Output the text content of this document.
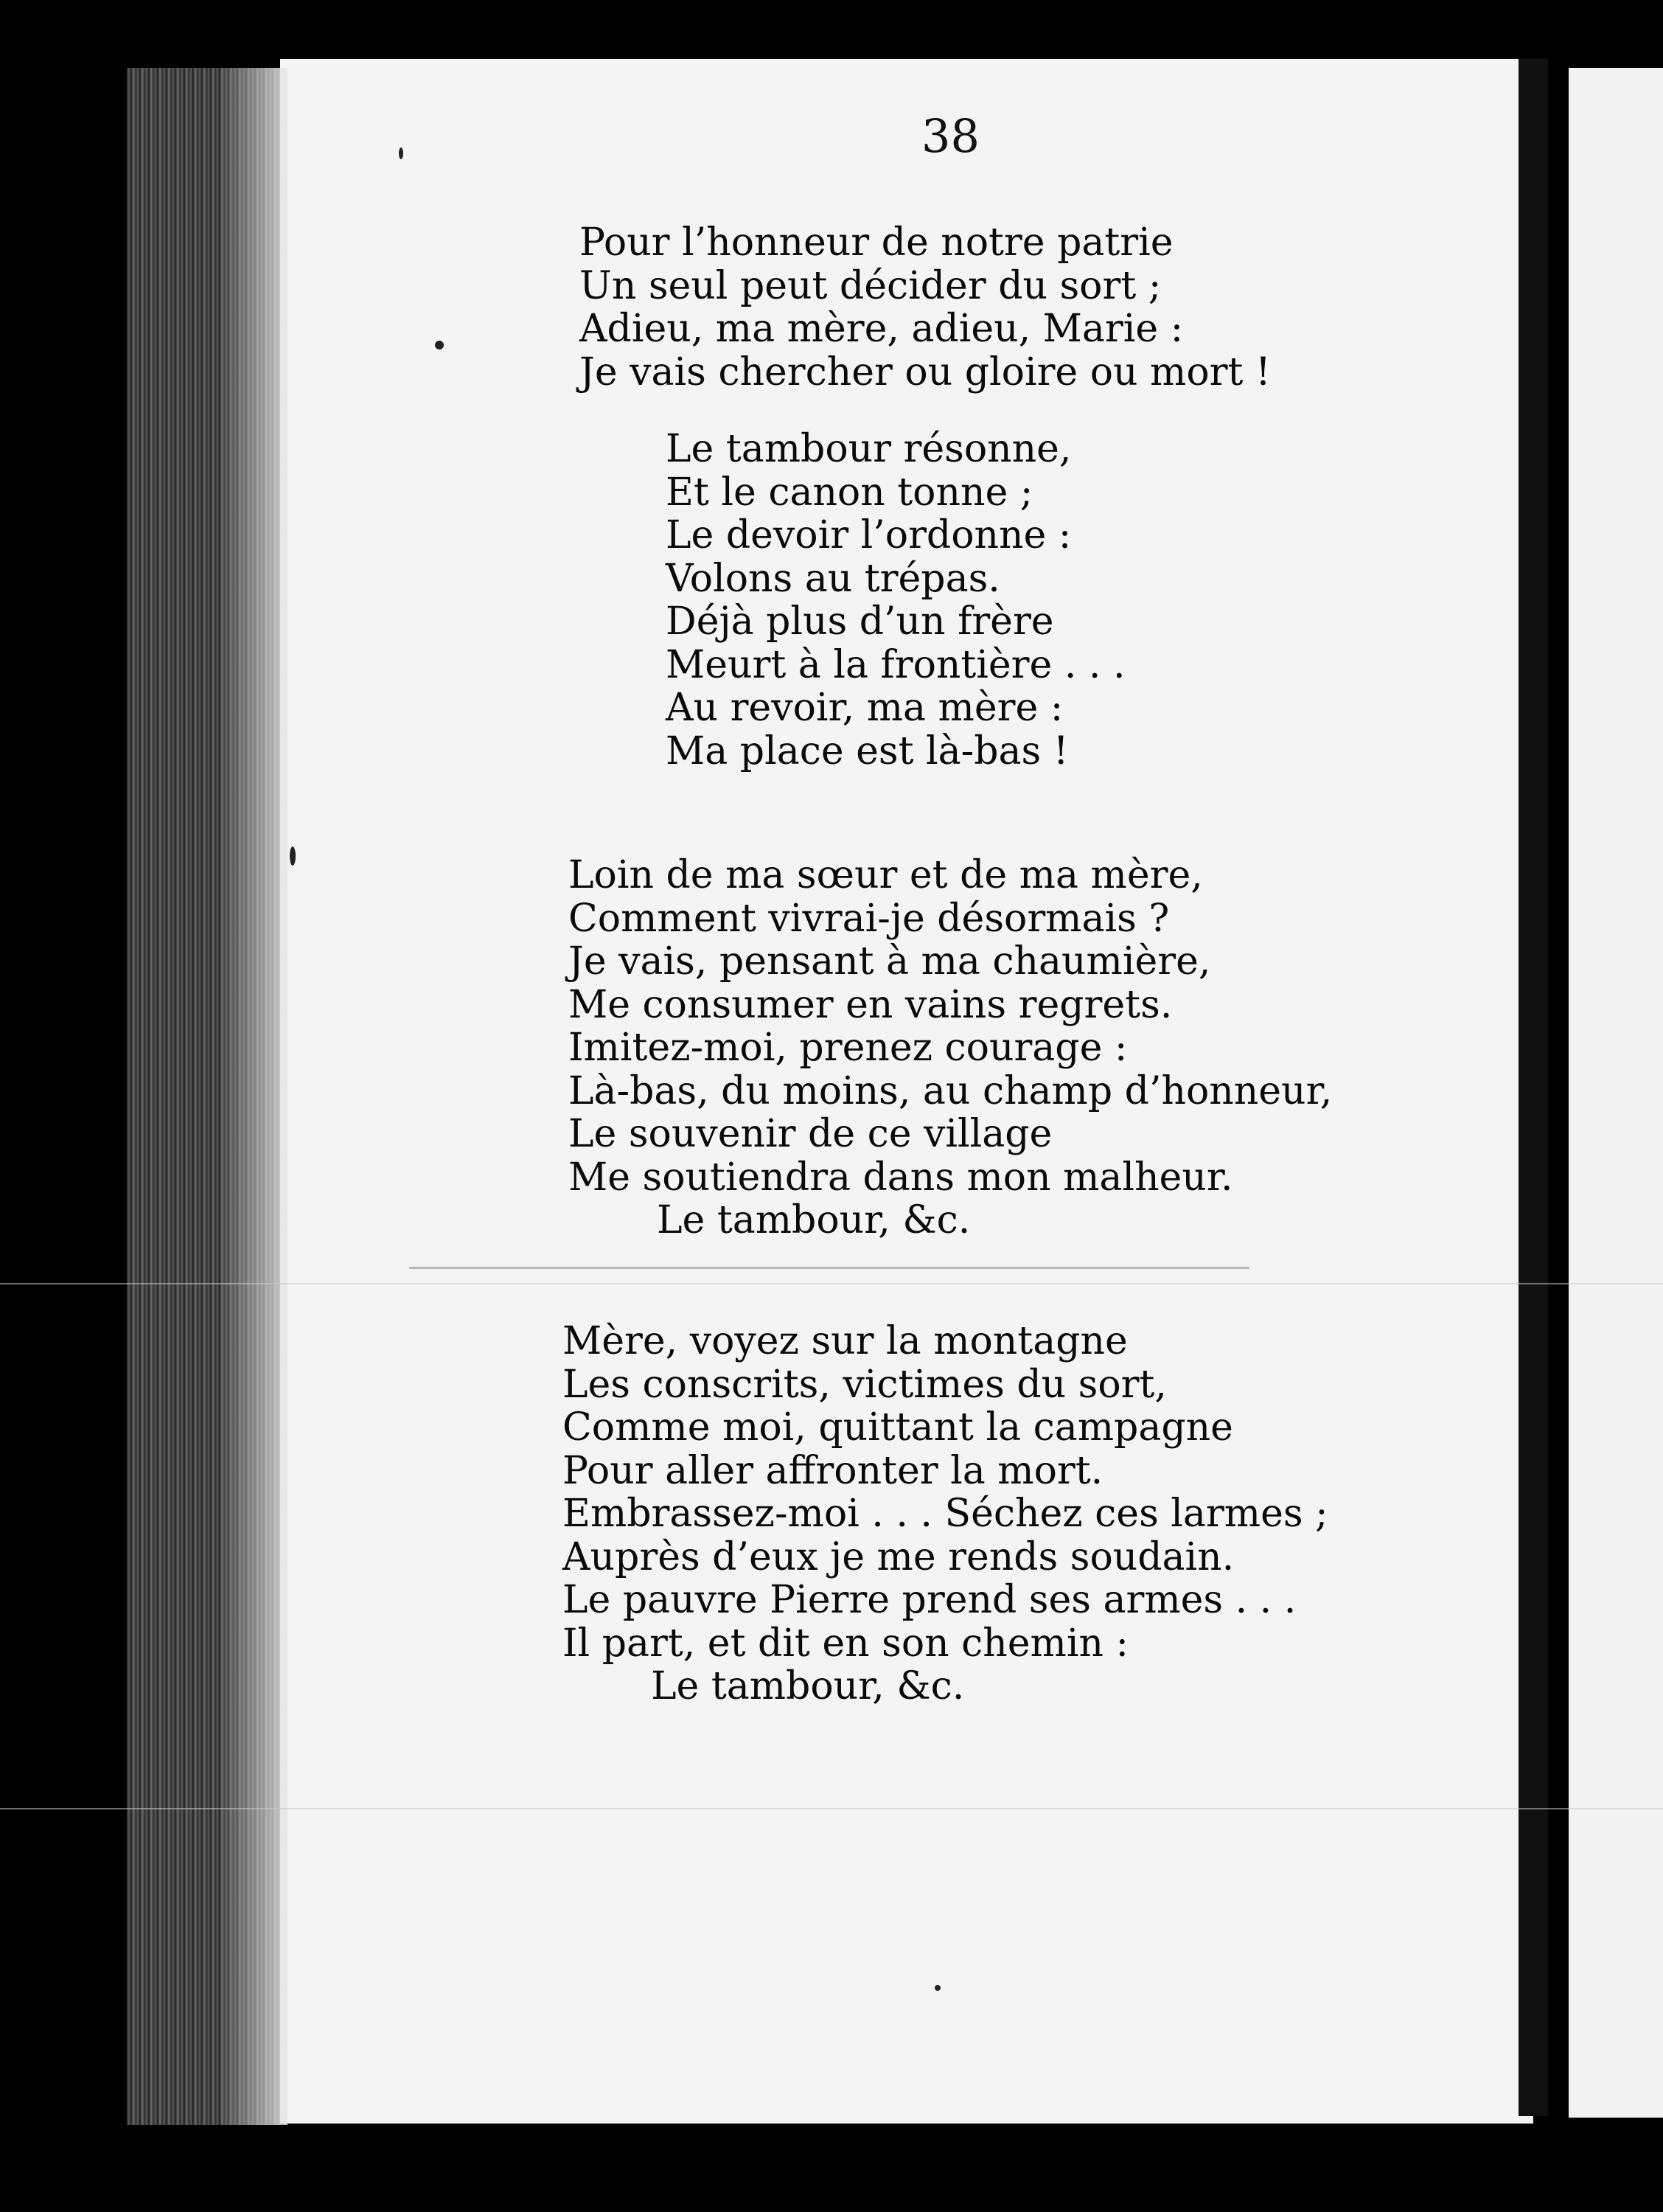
38
Pour l’honneur de notre patrie
Un seul peut décider du sort ;
Adieu, ma mère, adieu, Marie :
Je vais chercher ou gloire ou mort !
Le tambour résonne,
Et le canon tonne ;
Le devoir l’ordonne :
Volons au trépas.
Déjà plus d’un frère
Meurt à la frontière . . .
Au revoir, ma mère :
Ma place est là-bas !
Loin de ma sœur et de ma mère,
Comment vivrai-je désormais ?
Je vais, pensant à ma chaumière,
Me consumer en vains regrets.
Imitez-moi, prenez courage :
Là-bas, du moins, au champ d’honneur,
Le souvenir de ce village
Me soutiendra dans mon malheur.
Le tambour, &c.
Mère, voyez sur la montagne
Les conscrits, victimes du sort,
Comme moi, quittant la campagne
Pour aller affronter la mort.
Embrassez-moi . . . Séchez ces larmes ;
Auprès d’eux je me rends soudain.
Le pauvre Pierre prend ses armes . . .
Il part, et dit en son chemin :
Le tambour, &c.
